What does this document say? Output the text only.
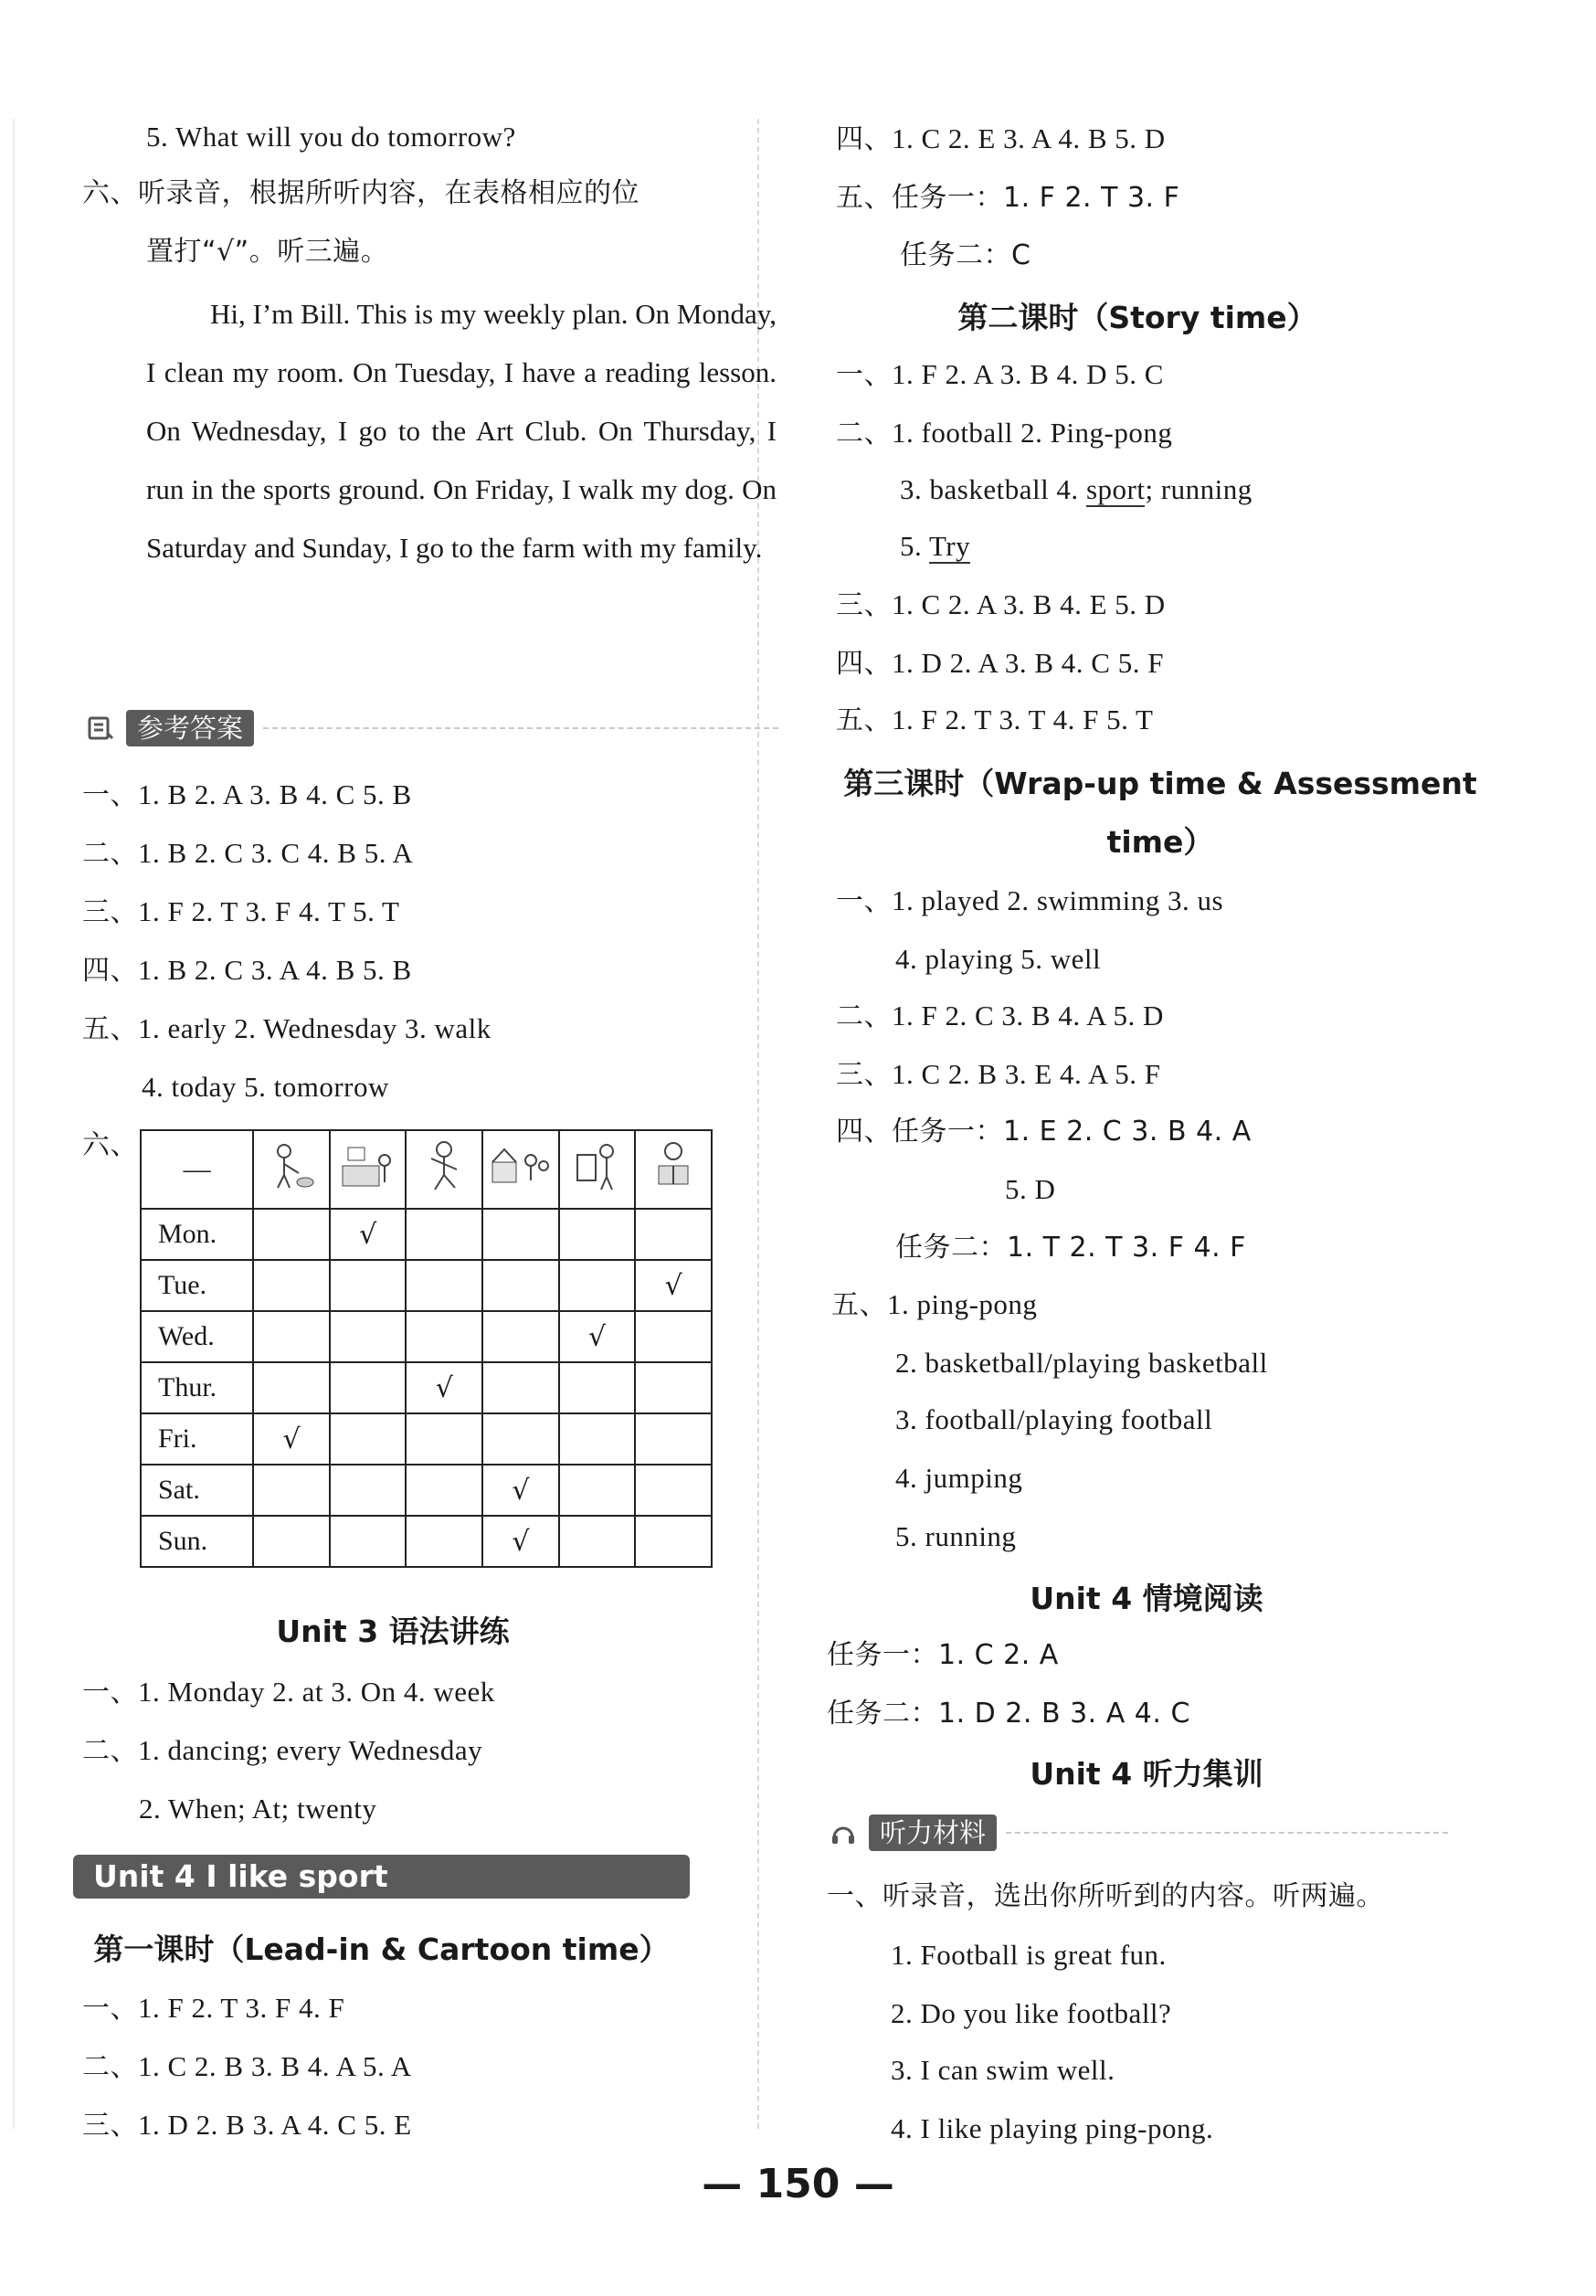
5. What will you do tomorrow?
六、听录音，根据所听内容，在表格相应的位
置打“√”。听三遍。
Hi, I’m Bill. This is my weekly plan. On Monday, I clean my room. On Tuesday, I have a reading lesson. On Wednesday, I go to the Art Club. On Thursday, I run in the sports ground. On Friday, I walk my dog. On Saturday and Sunday, I go to the farm with my family.
参考答案
一、1. B 2. A 3. B 4. C 5. B
二、1. B 2. C 3. C 4. B 5. A
三、1. F 2. T 3. F 4. T 5. T
四、1. B 2. C 3. A 4. B 5. B
五、1. early 2. Wednesday 3. walk
4. today 5. tomorrow
六、
—						
Mon.		√				
Tue.						√
Wed.					√	
Thur.			√			
Fri.	√					
Sat.				√		
Sun.				√		
Unit 3 语法讲练
一、1. Monday 2. at 3. On 4. week
二、1. dancing; every Wednesday
2. When; At; twenty
Unit 4 I like sport
第一课时（Lead-in & Cartoon time）
一、1. F 2. T 3. F 4. F
二、1. C 2. B 3. B 4. A 5. A
三、1. D 2. B 3. A 4. C 5. E
四、1. C 2. E 3. A 4. B 5. D
五、任务一：1. F 2. T 3. F
任务二：C
第二课时（Story time）
一、1. F 2. A 3. B 4. D 5. C
二、1. football 2. Ping-pong
3. basketball 4. sport; running
5. Try
三、1. C 2. A 3. B 4. E 5. D
四、1. D 2. A 3. B 4. C 5. F
五、1. F 2. T 3. T 4. F 5. T
第三课时（Wrap-up time & Assessment
time）
一、1. played 2. swimming 3. us
4. playing 5. well
二、1. F 2. C 3. B 4. A 5. D
三、1. C 2. B 3. E 4. A 5. F
四、任务一：1. E 2. C 3. B 4. A
5. D
任务二：1. T 2. T 3. F 4. F
五、1. ping-pong
2. basketball/playing basketball
3. football/playing football
4. jumping
5. running
Unit 4 情境阅读
任务一：1. C 2. A
任务二：1. D 2. B 3. A 4. C
Unit 4 听力集训
听力材料
一、听录音，选出你所听到的内容。听两遍。
1. Football is great fun.
2. Do you like football?
3. I can swim well.
4. I like playing ping-pong.
— 150 —
